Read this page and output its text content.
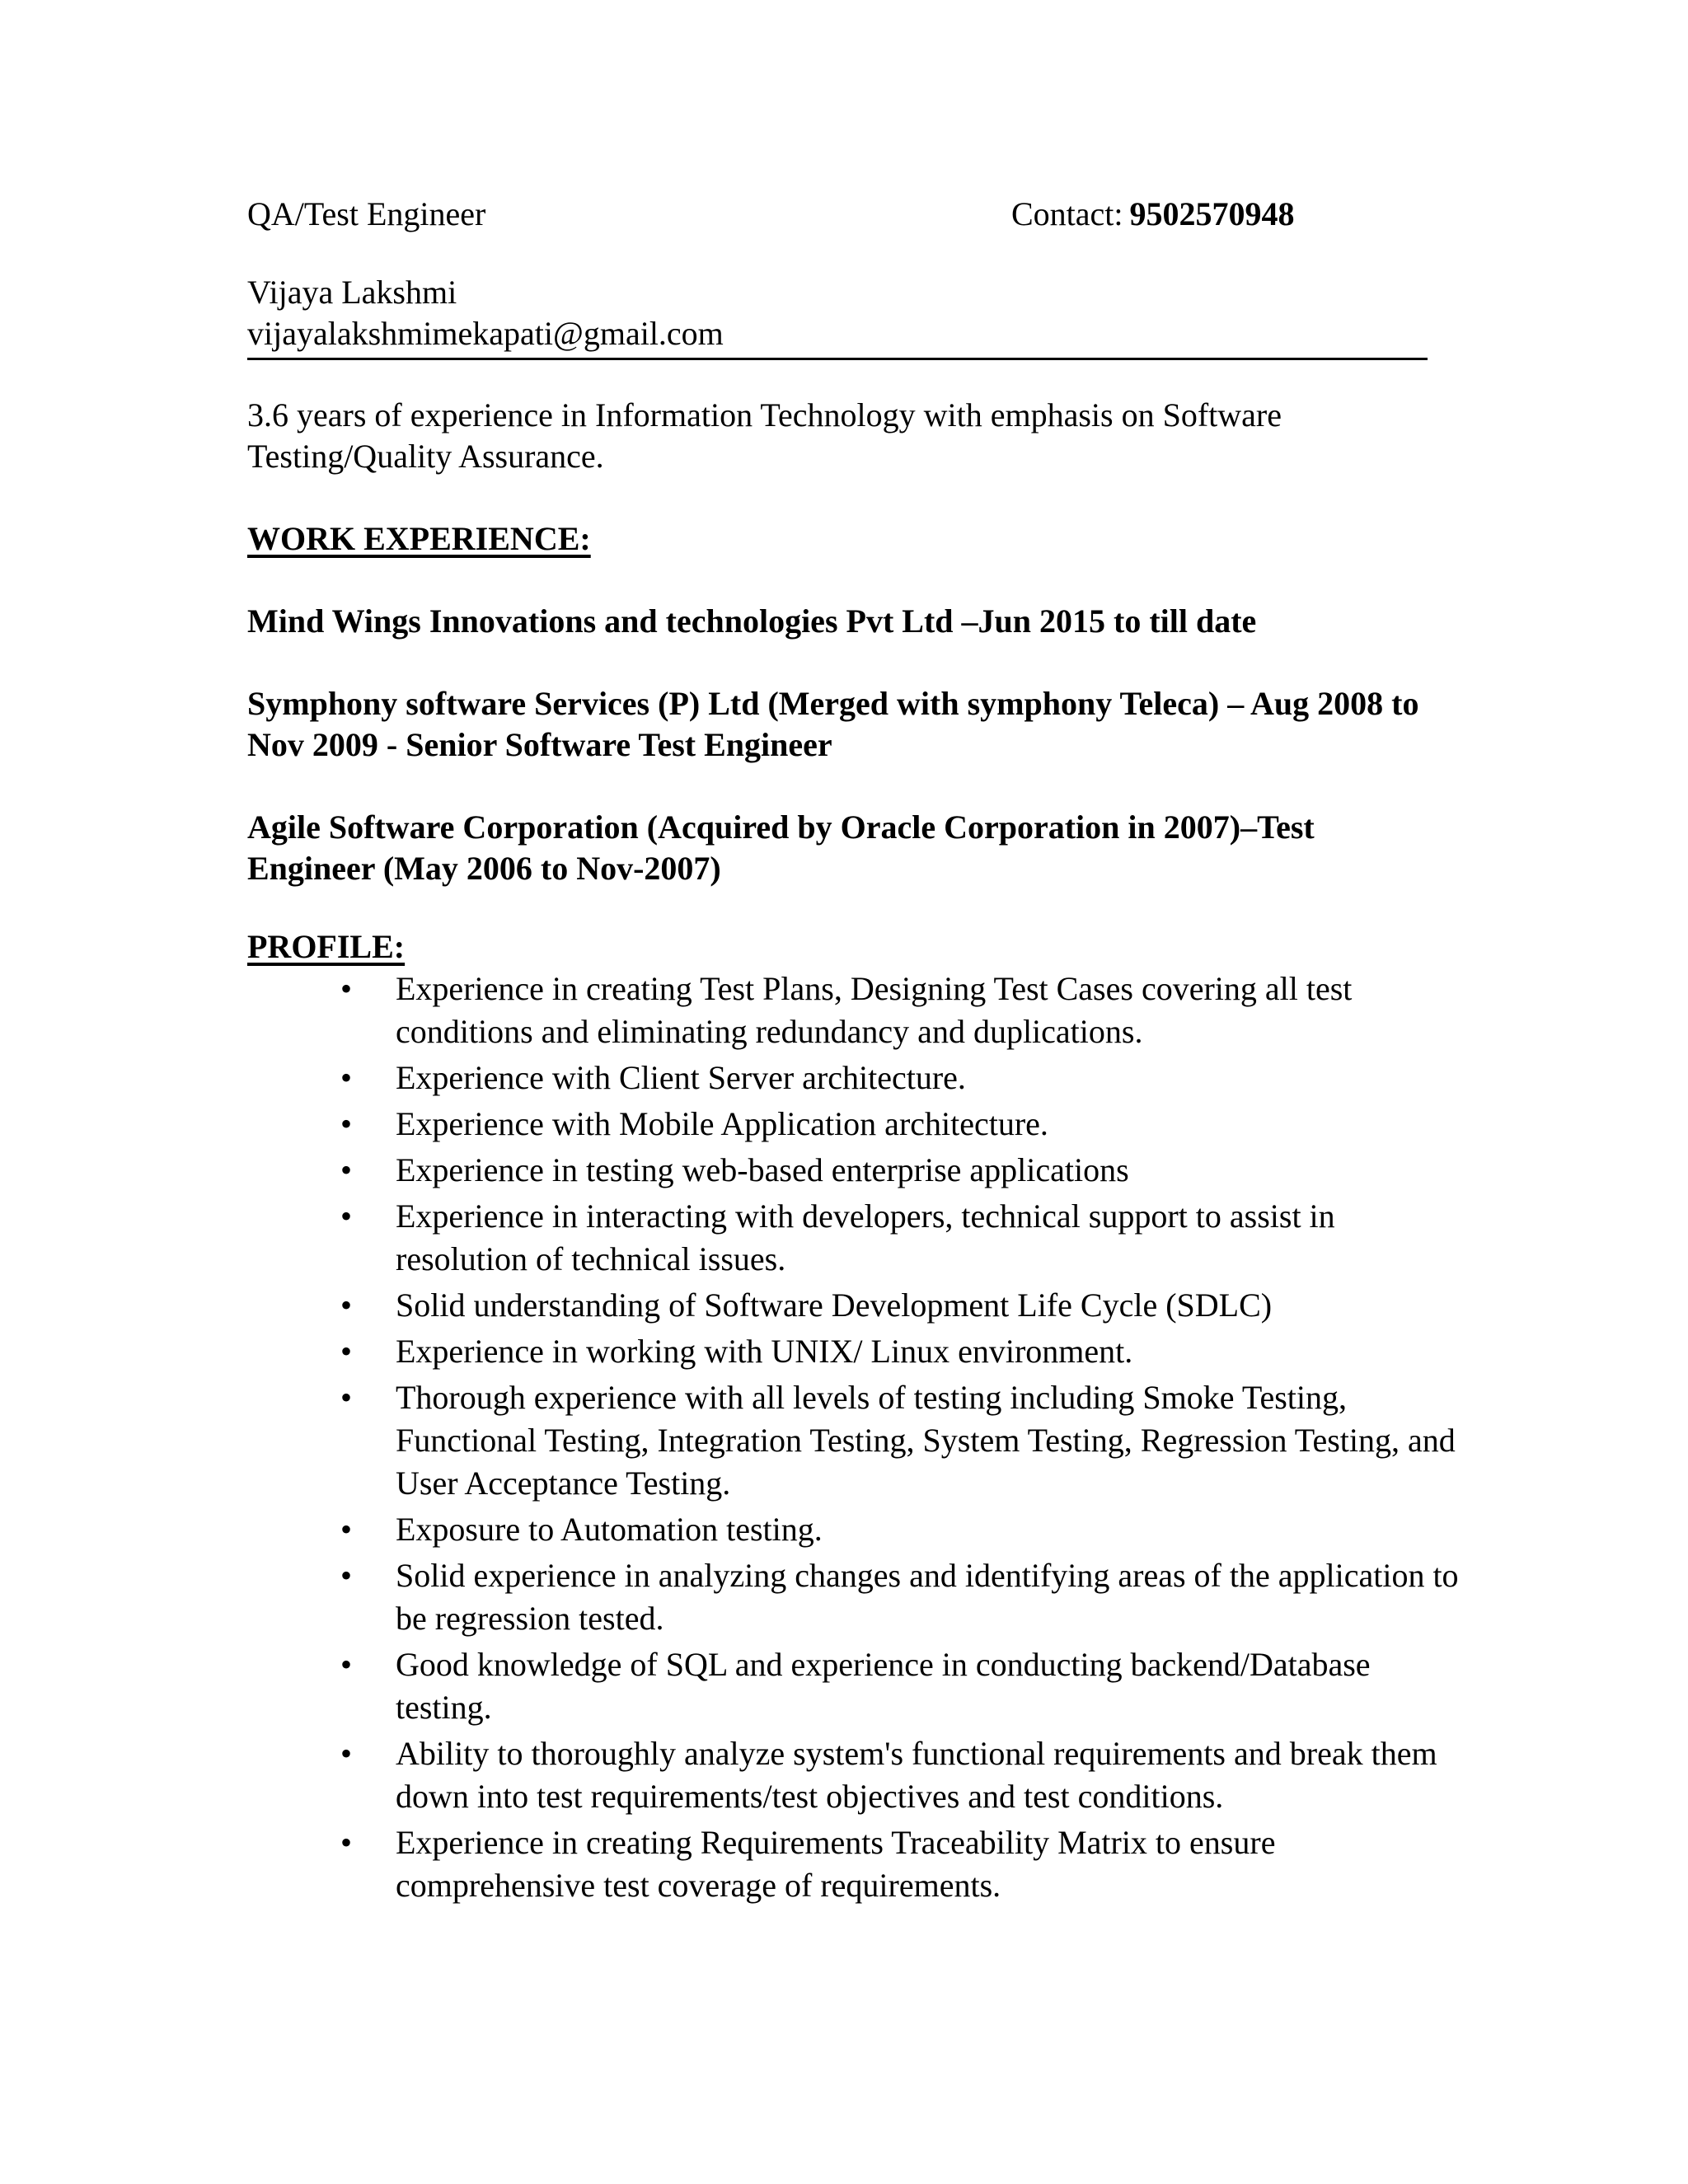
QA/Test Engineer	Contact: 9502570948
Vijaya Lakshmi
vijayalakshmimekapati@gmail.com
3.6 years of experience in Information Technology with emphasis on Software Testing/Quality Assurance.
WORK EXPERIENCE:
Mind Wings Innovations and technologies Pvt Ltd –Jun 2015 to till date
Symphony software Services (P) Ltd (Merged with symphony Teleca) – Aug 2008 to Nov 2009 - Senior Software Test Engineer
Agile Software Corporation (Acquired by Oracle Corporation in 2007)–Test Engineer (May 2006 to Nov-2007)
PROFILE:
• Experience in creating Test Plans, Designing Test Cases covering all test conditions and eliminating redundancy and duplications.
• Experience with Client Server architecture.
• Experience with Mobile Application architecture.
• Experience in testing web-based enterprise applications
• Experience in interacting with developers, technical support to assist in resolution of technical issues.
• Solid understanding of Software Development Life Cycle (SDLC)
• Experience in working with UNIX/ Linux environment.
• Thorough experience with all levels of testing including Smoke Testing, Functional Testing, Integration Testing, System Testing, Regression Testing, and User Acceptance Testing.
• Exposure to Automation testing.
• Solid experience in analyzing changes and identifying areas of the application to be regression tested.
• Good knowledge of SQL and experience in conducting backend/Database testing.
• Ability to thoroughly analyze system's functional requirements and break them down into test requirements/test objectives and test conditions.
• Experience in creating Requirements Traceability Matrix to ensure comprehensive test coverage of requirements.
